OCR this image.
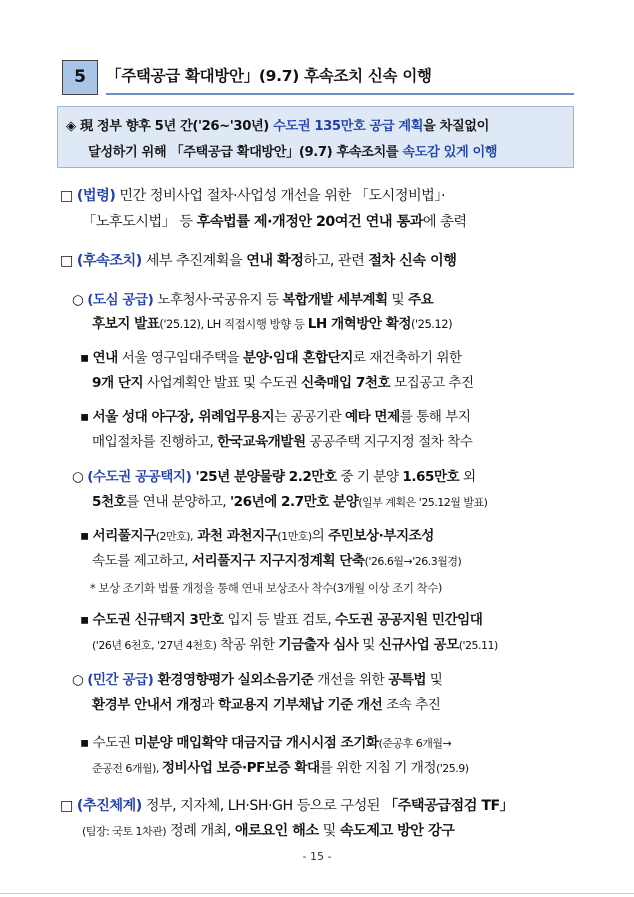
5	「주택공급 확대방안」(9.7) 후속조치 신속 이행
◈ 現 정부 향후 5년 간('26~'30년) 수도권 135만호 공급 계획을 차질없이
달성하기 위해 「주택공급 확대방안」(9.7) 후속조치를 속도감 있게 이행
□ (법령) 민간 정비사업 절차·사업성 개선을 위한 「도시정비법」·
「노후도시법」 등 후속법률 제·개정안 20여건 연내 통과에 총력
□ (후속조치) 세부 추진계획을 연내 확정하고, 관련 절차 신속 이행
○ (도심 공급) 노후청사·국공유지 등 복합개발 세부계획 및 주요
후보지 발표('25.12), LH 직접시행 방향 등 LH 개혁방안 확정('25.12)
▪ 연내 서울 영구임대주택을 분양·임대 혼합단지로 재건축하기 위한
9개 단지 사업계획안 발표 및 수도권 신축매입 7천호 모집공고 추진
▪ 서울 성대 야구장, 위례업무용지는 공공기관 예타 면제를 통해 부지
매입절차를 진행하고, 한국교육개발원 공공주택 지구지정 절차 착수
○ (수도권 공공택지) '25년 분양물량 2.2만호 중 기 분양 1.65만호 외
5천호를 연내 분양하고, '26년에 2.7만호 분양(일부 계획은 '25.12월 발표)
▪ 서리풀지구(2만호), 과천 과천지구(1만호)의 주민보상·부지조성
속도를 제고하고, 서리풀지구 지구지정계획 단축('26.6월→'26.3월경)
* 보상 조기화 법률 개정을 통해 연내 보상조사 착수(3개월 이상 조기 착수)
▪ 수도권 신규택지 3만호 입지 등 발표 검토, 수도권 공공지원 민간임대
('26년 6천호, '27년 4천호) 착공 위한 기금출자 심사 및 신규사업 공모('25.11)
○ (민간 공급) 환경영향평가 실외소음기준 개선을 위한 공특법 및
환경부 안내서 개정과 학교용지 기부채납 기준 개선 조속 추진
▪ 수도권 미분양 매입확약 대금지급 개시시점 조기화(준공후 6개월→
준공전 6개월), 정비사업 보증·PF보증 확대를 위한 지침 기 개정('25.9)
□ (추진체계) 정부, 지자체, LH·SH·GH 등으로 구성된 「주택공급점검 TF」
(팀장: 국토 1차관) 정례 개최, 애로요인 해소 및 속도제고 방안 강구
- 15 -
